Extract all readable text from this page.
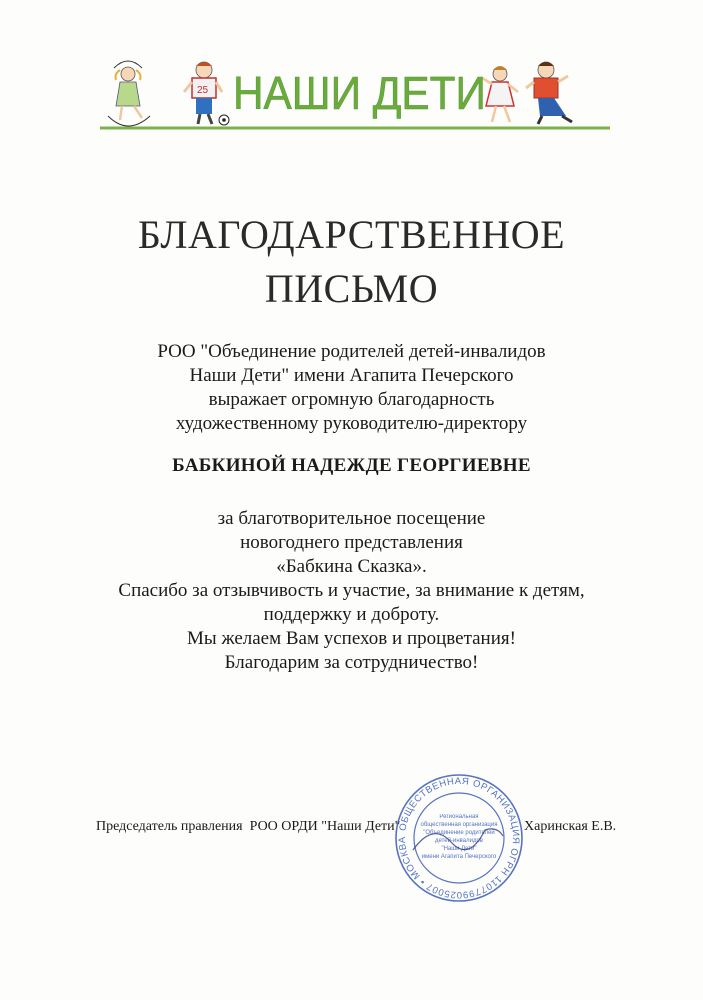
25 НАШИ ДЕТИ
БЛАГОДАРСТВЕННОЕ
ПИСЬМО
РОО "Объединение родителей детей-инвалидов
Наши Дети" имени Агапита Печерского
выражает огромную благодарность
художественному руководителю-директору
БАБКИНОЙ НАДЕЖДЕ ГЕОРГИЕВНЕ
за благотворительное посещение
новогоднего представления
«Бабкина Сказка».
Спасибо за отзывчивость и участие, за внимание к детям,
поддержку и доброту.
Мы желаем Вам успехов и процветания!
Благодарим за сотрудничество!
Председатель правления  РОО ОРДИ "Наши Дети"	Харинская Е.В.
ОБЩЕСТВЕННАЯ ОРГАНИЗАЦИЯ ОГРН 1107799025007 • МОСКВА
Региональная
общественная организация
"Объединение родителей
детей-инвалидов
"Наши Дети"
имени Агапита Печерского
